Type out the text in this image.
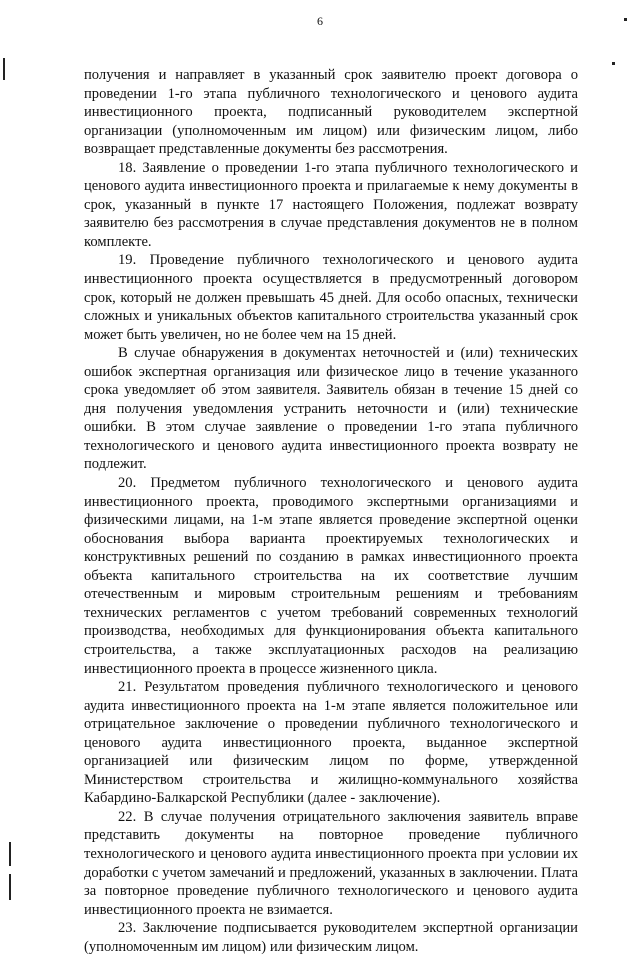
6

получения и направляет в указанный срок заявителю проект договора о проведении 1-го этапа публичного технологического и ценового аудита инвестиционного проекта, подписанный руководителем экспертной организации (уполномоченным им лицом) или физическим лицом, либо возвращает представленные документы без рассмотрения.

18. Заявление о проведении 1-го этапа публичного технологического и ценового аудита инвестиционного проекта и прилагаемые к нему документы в срок, указанный в пункте 17 настоящего Положения, подлежат возврату заявителю без рассмотрения в случае представления документов не в полном комплекте.

19. Проведение публичного технологического и ценового аудита инвестиционного проекта осуществляется в предусмотренный договором срок, который не должен превышать 45 дней. Для особо опасных, технически сложных и уникальных объектов капитального строительства указанный срок может быть увеличен, но не более чем на 15 дней.

В случае обнаружения в документах неточностей и (или) технических ошибок экспертная организация или физическое лицо в течение указанного срока уведомляет об этом заявителя. Заявитель обязан в течение 15 дней со дня получения уведомления устранить неточности и (или) технические ошибки. В этом случае заявление о проведении 1-го этапа публичного технологического и ценового аудита инвестиционного проекта возврату не подлежит.

20. Предметом публичного технологического и ценового аудита инвестиционного проекта, проводимого экспертными организациями и физическими лицами, на 1-м этапе является проведение экспертной оценки обоснования выбора варианта проектируемых технологических и конструктивных решений по созданию в рамках инвестиционного проекта объекта капитального строительства на их соответствие лучшим отечественным и мировым строительным решениям и требованиям технических регламентов с учетом требований современных технологий производства, необходимых для функционирования объекта капитального строительства, а также эксплуатационных расходов на реализацию инвестиционного проекта в процессе жизненного цикла.

21. Результатом проведения публичного технологического и ценового аудита инвестиционного проекта на 1-м этапе является положительное или отрицательное заключение о проведении публичного технологического и ценового аудита инвестиционного проекта, выданное экспертной организацией или физическим лицом по форме, утвержденной Министерством строительства и жилищно-коммунального хозяйства Кабардино-Балкарской Республики (далее - заключение).

22. В случае получения отрицательного заключения заявитель вправе представить документы на повторное проведение публичного технологического и ценового аудита инвестиционного проекта при условии их доработки с учетом замечаний и предложений, указанных в заключении. Плата за повторное проведение публичного технологического и ценового аудита инвестиционного проекта не взимается.

23. Заключение подписывается руководителем экспертной организации (уполномоченным им лицом) или физическим лицом.
